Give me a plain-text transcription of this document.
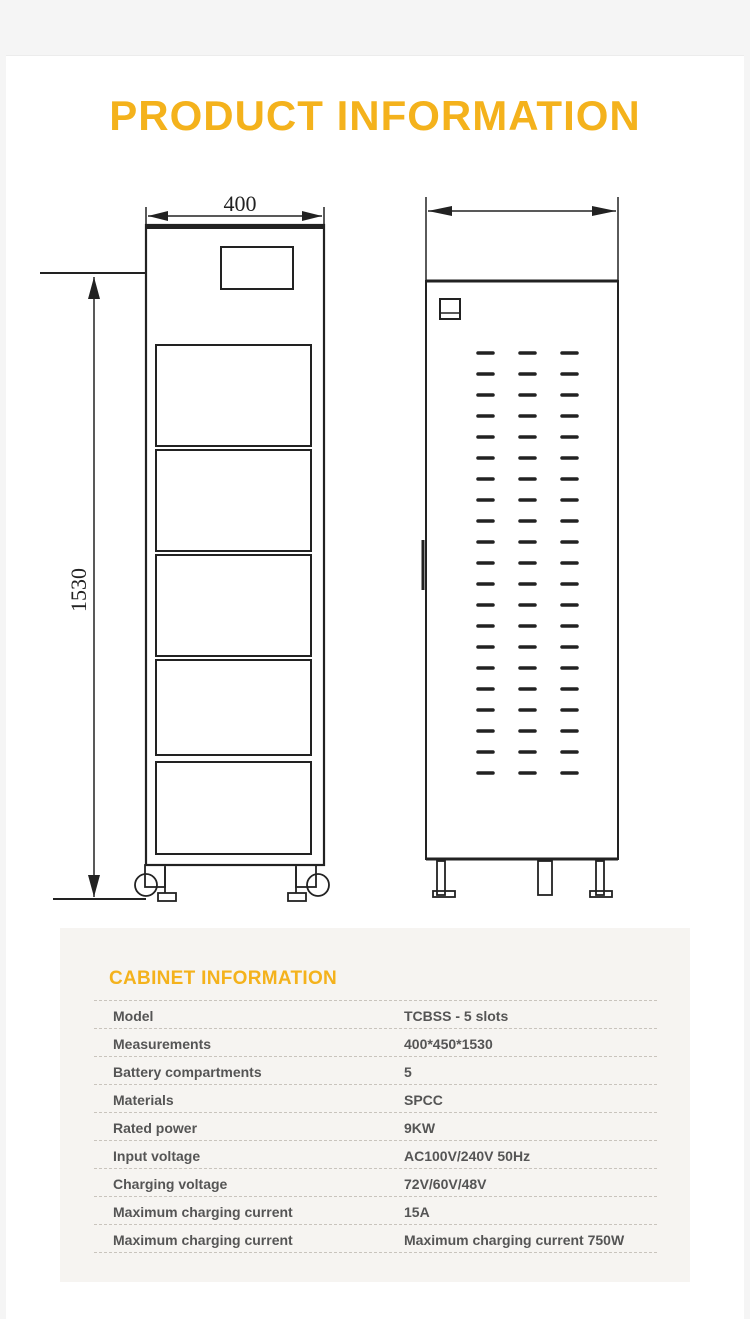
PRODUCT INFORMATION
400
1530
CABINET INFORMATION
Model	TCBSS - 5 slots
Measurements	400*450*1530
Battery compartments	5
Materials	SPCC
Rated power	9KW
Input voltage	AC100V/240V 50Hz
Charging voltage	72V/60V/48V
Maximum charging current	15A
Maximum charging current	Maximum charging current 750W
